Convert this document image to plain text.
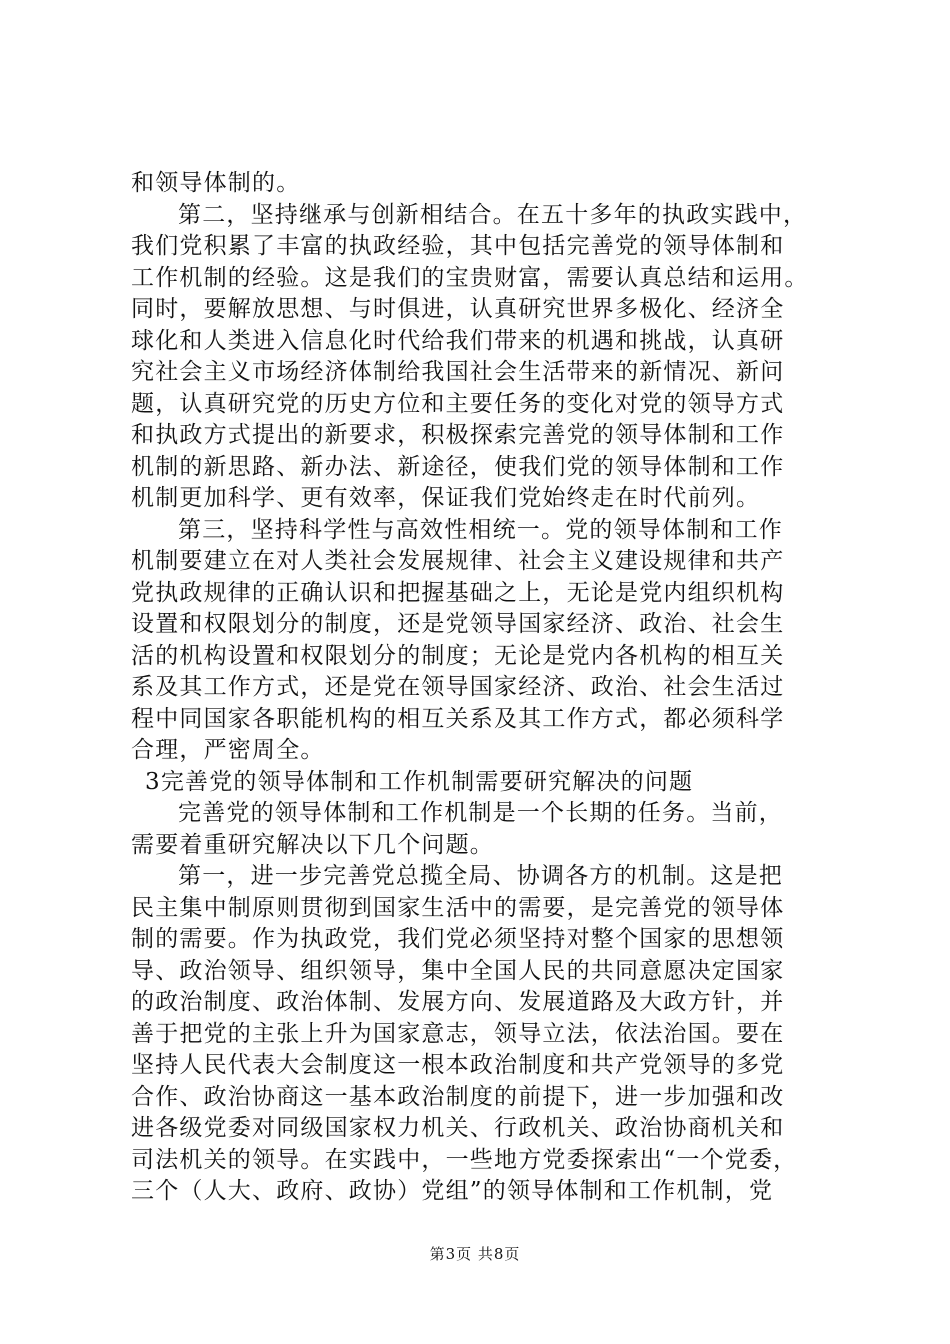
和领导体制的。
第二，坚持继承与创新相结合。在五十多年的执政实践中，
我们党积累了丰富的执政经验，其中包括完善党的领导体制和
工作机制的经验。这是我们的宝贵财富，需要认真总结和运用。
同时，要解放思想、与时俱进，认真研究世界多极化、经济全
球化和人类进入信息化时代给我们带来的机遇和挑战，认真研
究社会主义市场经济体制给我国社会生活带来的新情况、新问
题，认真研究党的历史方位和主要任务的变化对党的领导方式
和执政方式提出的新要求，积极探索完善党的领导体制和工作
机制的新思路、新办法、新途径，使我们党的领导体制和工作
机制更加科学、更有效率，保证我们党始终走在时代前列。
第三，坚持科学性与高效性相统一。党的领导体制和工作
机制要建立在对人类社会发展规律、社会主义建设规律和共产
党执政规律的正确认识和把握基础之上，无论是党内组织机构
设置和权限划分的制度，还是党领导国家经济、政治、社会生
活的机构设置和权限划分的制度；无论是党内各机构的相互关
系及其工作方式，还是党在领导国家经济、政治、社会生活过
程中同国家各职能机构的相互关系及其工作方式，都必须科学
合理，严密周全。
3完善党的领导体制和工作机制需要研究解决的问题
完善党的领导体制和工作机制是一个长期的任务。当前，
需要着重研究解决以下几个问题。
第一，进一步完善党总揽全局、协调各方的机制。这是把
民主集中制原则贯彻到国家生活中的需要，是完善党的领导体
制的需要。作为执政党，我们党必须坚持对整个国家的思想领
导、政治领导、组织领导，集中全国人民的共同意愿决定国家
的政治制度、政治体制、发展方向、发展道路及大政方针，并
善于把党的主张上升为国家意志，领导立法，依法治国。要在
坚持人民代表大会制度这一根本政治制度和共产党领导的多党
合作、政治协商这一基本政治制度的前提下，进一步加强和改
进各级党委对同级国家权力机关、行政机关、政治协商机关和
司法机关的领导。在实践中，一些地方党委探索出“一个党委，
三个（人大、政府、政协）党组”的领导体制和工作机制，党
第3页 共8页
